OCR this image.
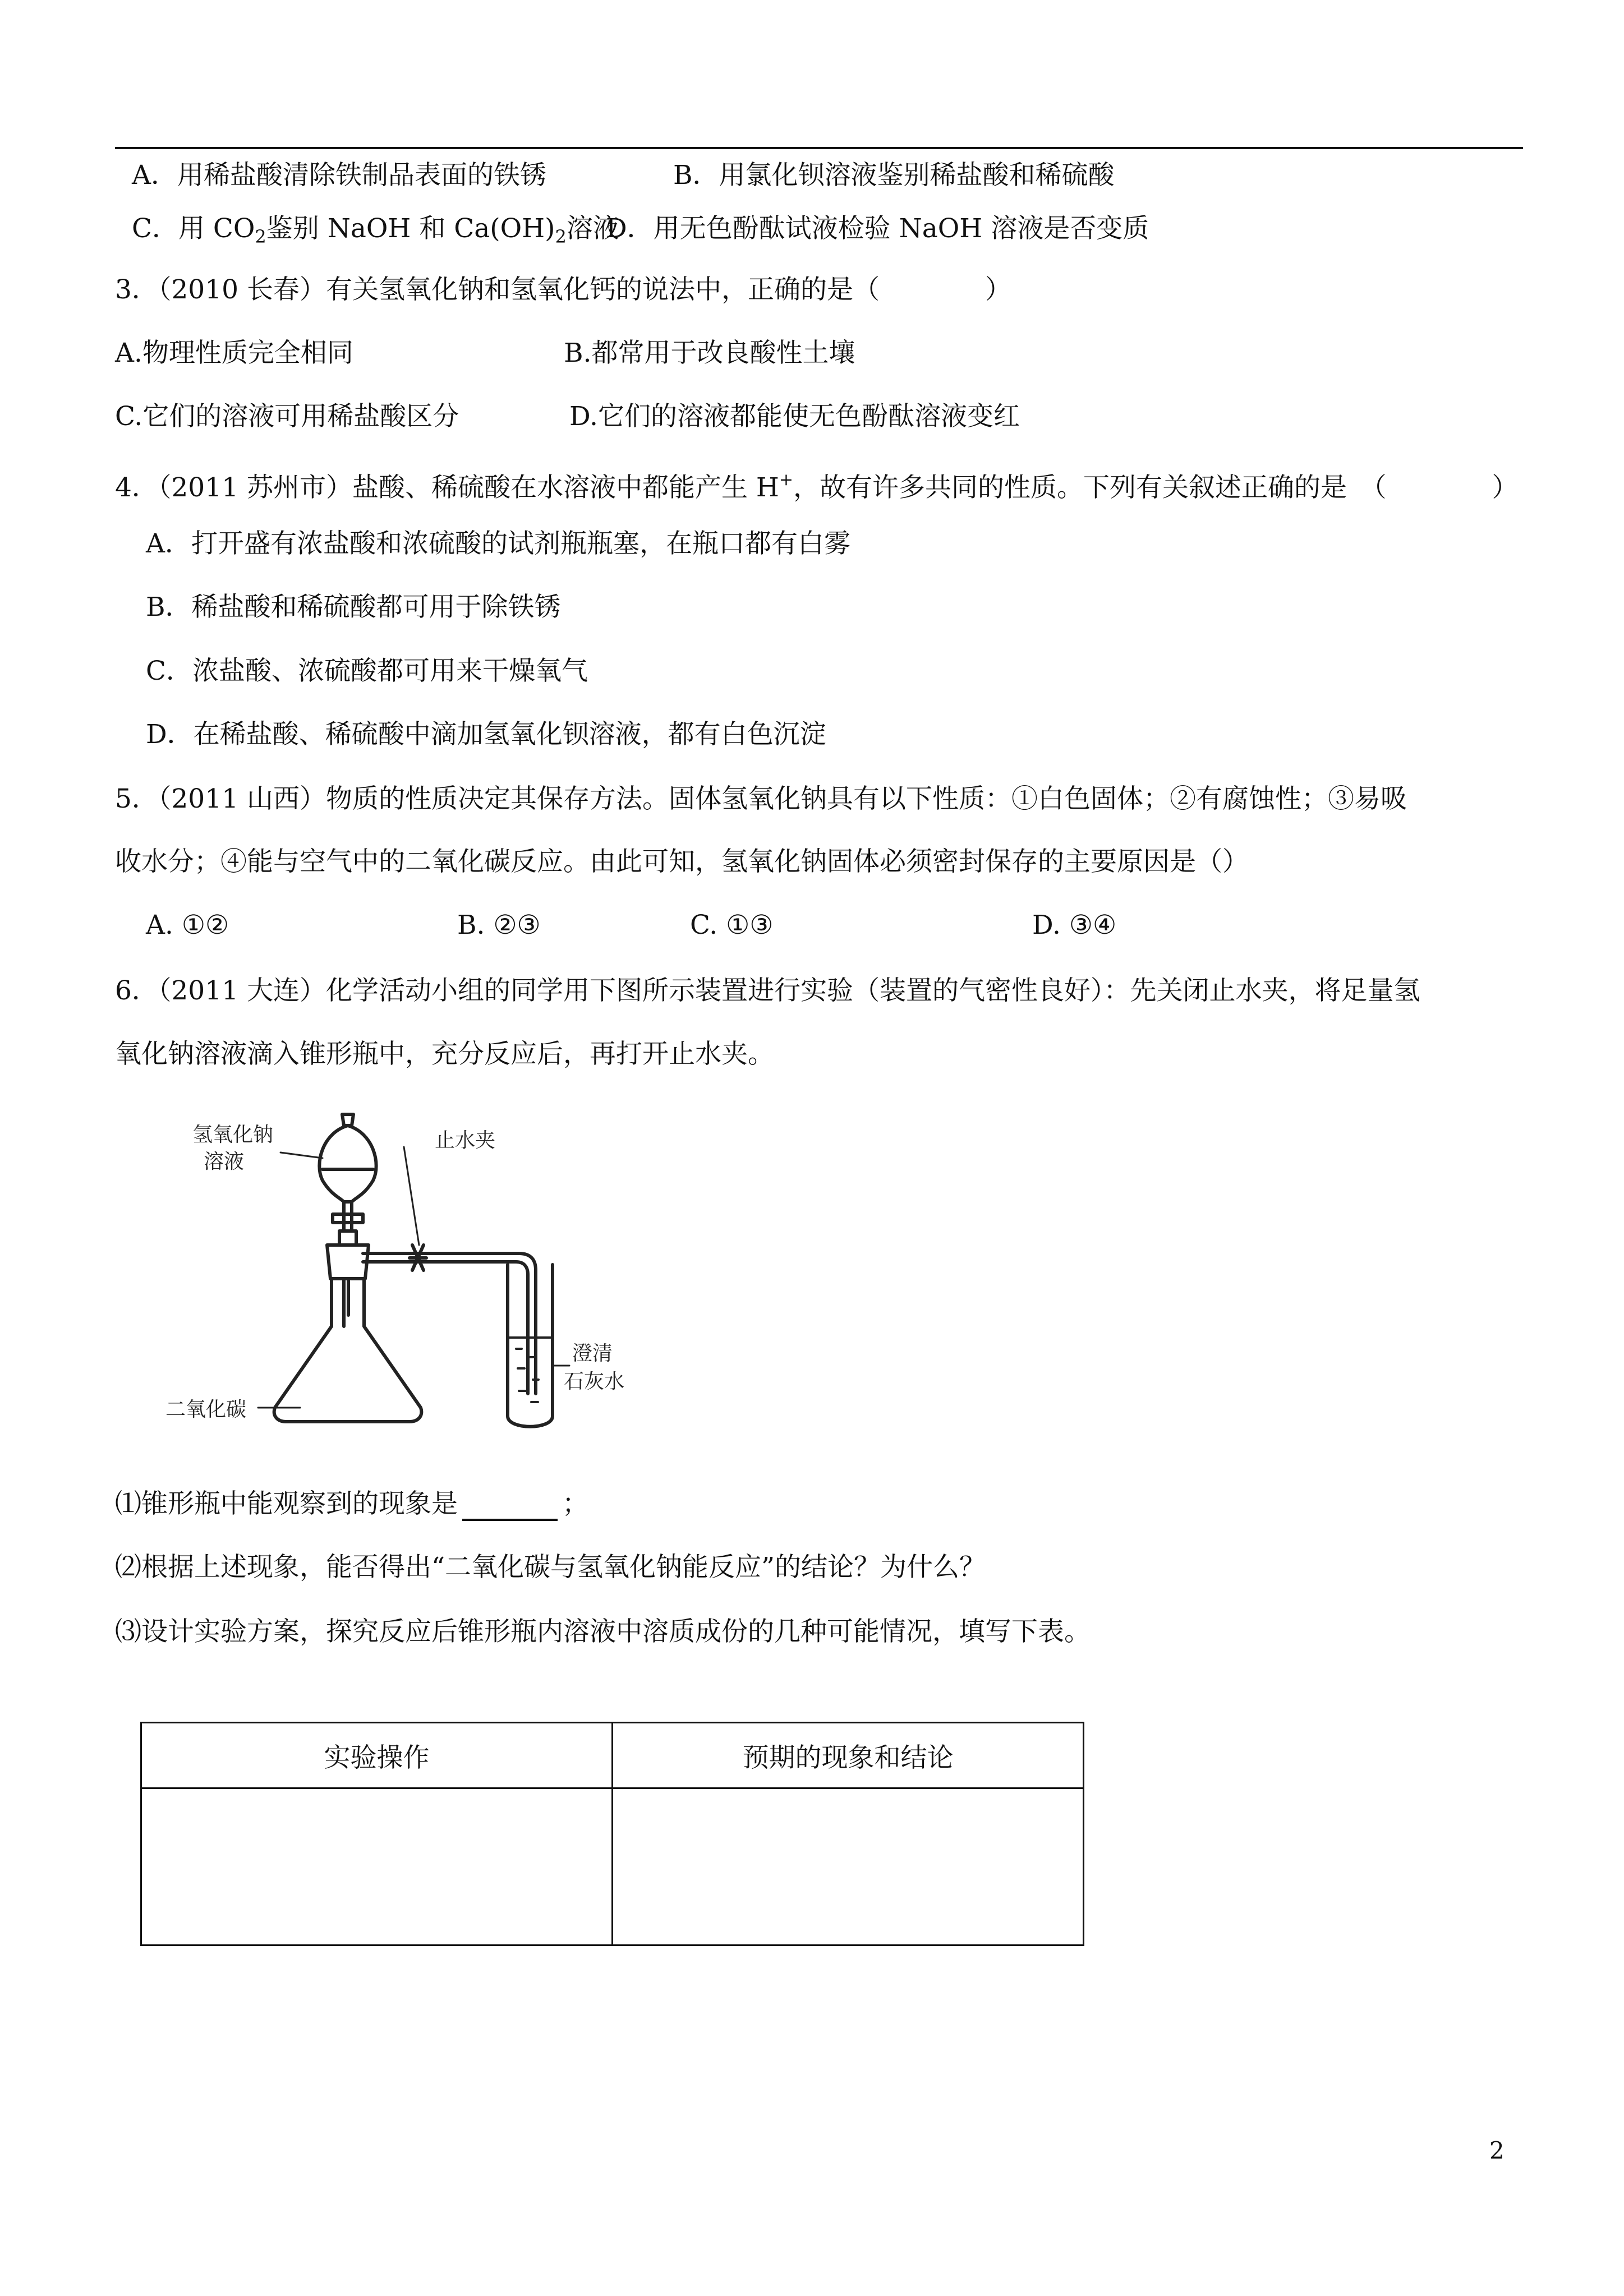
A．用稀盐酸清除铁制品表面的铁锈	B．用氯化钡溶液鉴别稀盐酸和稀硫酸
C．用 $CO_2$鉴别 NaOH 和 $Ca(OH)_2$溶液
D．用无色酚酞试液检验 NaOH 溶液是否变质
3．（2010 长春）有关氢氧化钠和氢氧化钙的说法中，正确的是（　　　　）
A.物理性质完全相同	B.都常用于改良酸性土壤
C.它们的溶液可用稀盐酸区分	D.它们的溶液都能使无色酚酞溶液变红
4．（2011 苏州市）盐酸、稀硫酸在水溶液中都能产生 H+，故有许多共同的性质。下列有关叙述正确的是　（　　　　）
A．打开盛有浓盐酸和浓硫酸的试剂瓶瓶塞，在瓶口都有白雾
B．稀盐酸和稀硫酸都可用于除铁锈
C．浓盐酸、浓硫酸都可用来干燥氧气
D．在稀盐酸、稀硫酸中滴加氢氧化钡溶液，都有白色沉淀
5．（2011 山西）物质的性质决定其保存方法。固体氢氧化钠具有以下性质：①白色固体；②有腐蚀性；③易吸
收水分；④能与空气中的二氧化碳反应。由此可知，氢氧化钠固体必须密封保存的主要原因是（）
A. ①②	B. ②③	C. ①③	D. ③④
6．（2011 大连）化学活动小组的同学用下图所示装置进行实验（装置的气密性良好）：先关闭止水夹，将足量氢
氧化钠溶液滴入锥形瓶中，充分反应后，再打开止水夹。
氢氧化钠
溶液
止水夹
二氧化碳
澄清
石灰水
⑴锥形瓶中能观察到的现象是	；
⑵根据上述现象，能否得出“二氧化碳与氢氧化钠能反应”的结论？为什么？
⑶设计实验方案，探究反应后锥形瓶内溶液中溶质成份的几种可能情况，填写下表。
实验操作	预期的现象和结论

2
